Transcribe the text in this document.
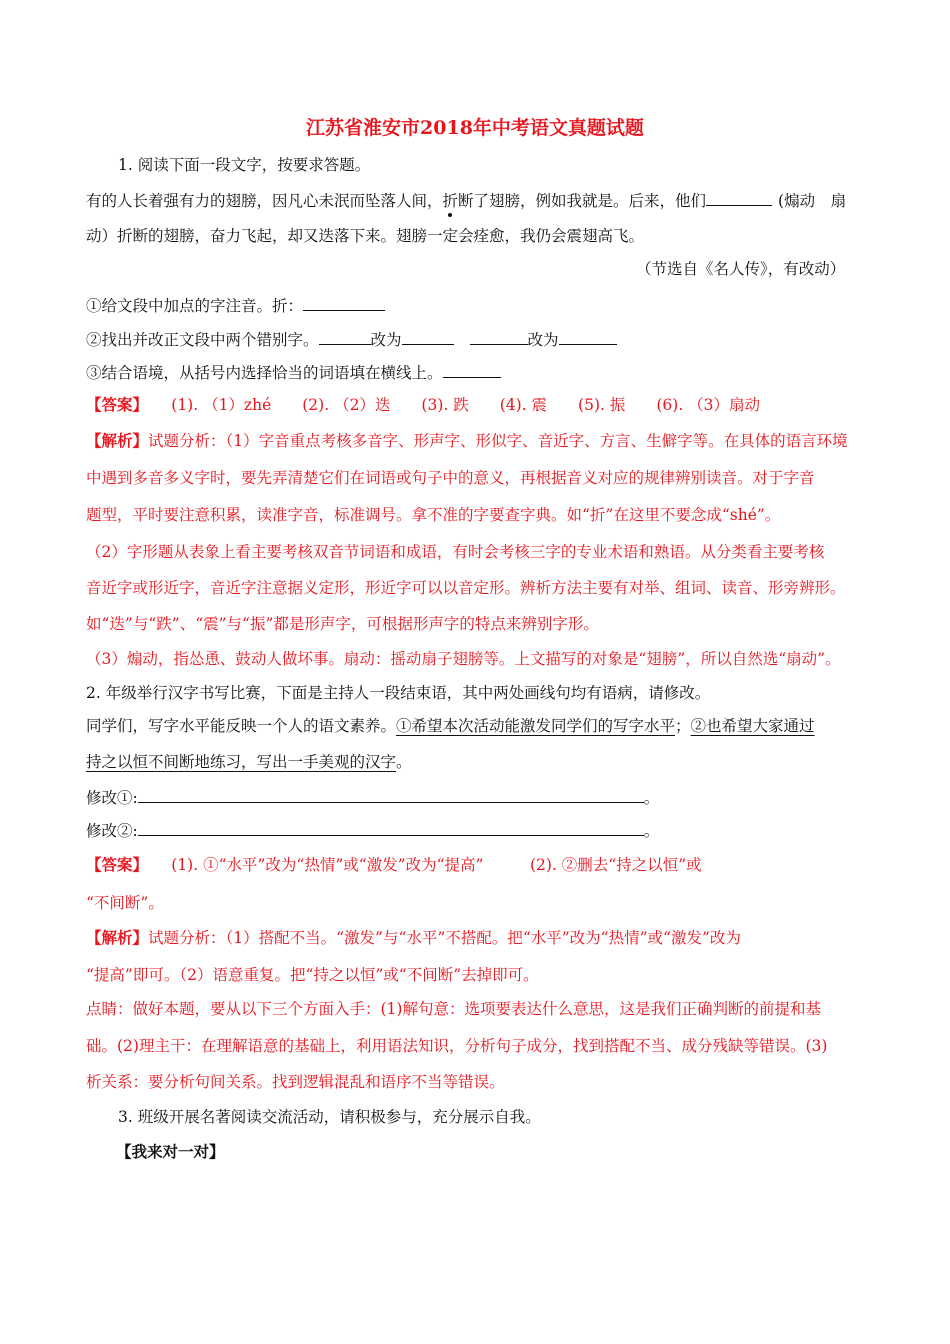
江苏省淮安市2018年中考语文真题试题
1. 阅读下面一段文字，按要求答题。
有的人长着强有力的翅膀，因凡心未泯而坠落人间，折断了翅膀，例如我就是。后来，他们	(煽动　扇
动）折断的翅膀，奋力飞起，却又迭落下来。翅膀一定会痊愈，我仍会震翅高飞。
（节选自《名人传》，有改动）
①给文段中加点的字注音。折：
②找出并改正文段中两个错别字。	改为	改为
③结合语境，从括号内选择恰当的词语填在横线上。
【答案】　　(1). （1）zhé　　(2). （2）迭　　(3). 跌　　(4). 震　　(5). 振　　(6). （3）扇动
【解析】试题分析：（1）字音重点考核多音字、形声字、形似字、音近字、方言、生僻字等。在具体的语言环境
中遇到多音多义字时，要先弄清楚它们在词语或句子中的意义，再根据音义对应的规律辨别读音。对于字音
题型，平时要注意积累，读准字音，标准调号。拿不准的字要查字典。如“折”在这里不要念成“shé”。
（2）字形题从表象上看主要考核双音节词语和成语，有时会考核三字的专业术语和熟语。从分类看主要考核
音近字或形近字，音近字注意据义定形，形近字可以以音定形。辨析方法主要有对举、组词、读音、形旁辨形。
如“迭”与“跌”、“震”与“振”都是形声字，可根据形声字的特点来辨别字形。
（3）煽动，指怂恿、鼓动人做坏事。扇动：摇动扇子翅膀等。上文描写的对象是“翅膀”，所以自然选“扇动”。
2. 年级举行汉字书写比赛，下面是主持人一段结束语，其中两处画线句均有语病，请修改。
同学们，写字水平能反映一个人的语文素养。①希望本次活动能激发同学们的写字水平；②也希望大家通过
持之以恒不间断地练习，写出一手美观的汉字。
修改①:	。
修改②:	。
【答案】　　(1). ①“水平”改为“热情”或“激发”改为“提高”　　　(2). ②删去“持之以恒”或
“不间断”。
【解析】试题分析：（1）搭配不当。“激发”与“水平”不搭配。把“水平”改为“热情”或“激发”改为
“提高”即可。（2）语意重复。把“持之以恒”或“不间断”去掉即可。
点睛：做好本题，要从以下三个方面入手：(1)解句意：选项要表达什么意思，这是我们正确判断的前提和基
础。(2)理主干：在理解语意的基础上，利用语法知识，分析句子成分，找到搭配不当、成分残缺等错误。(3)
析关系：要分析句间关系。找到逻辑混乱和语序不当等错误。
3. 班级开展名著阅读交流活动，请积极参与，充分展示自我。
【我来对一对】
